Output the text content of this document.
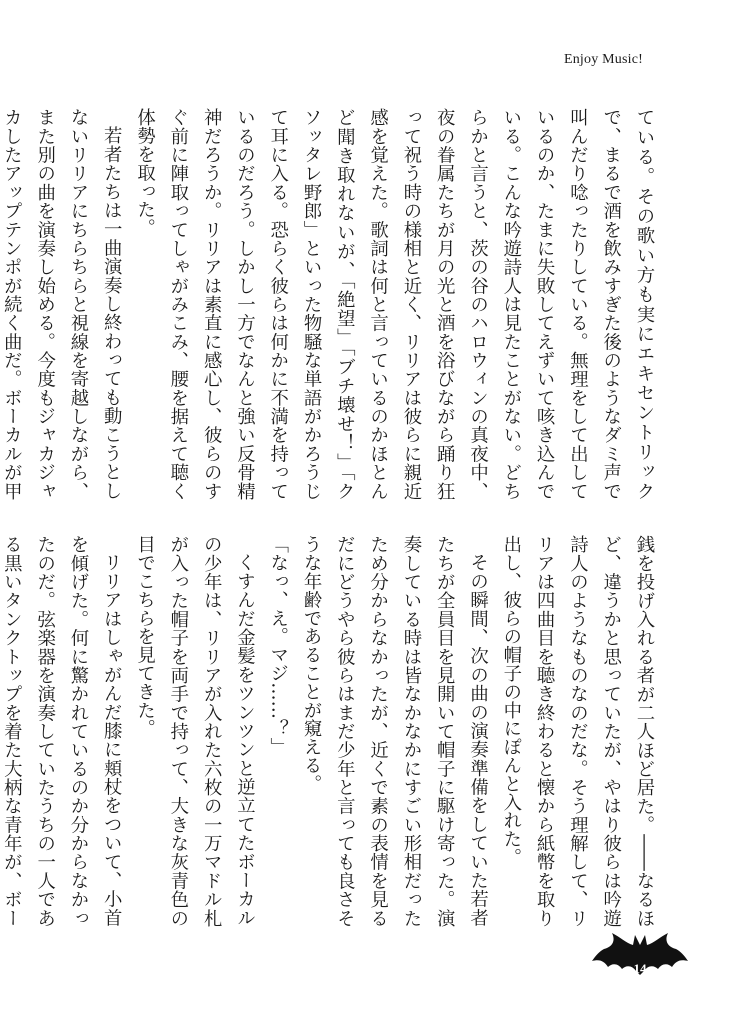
Enjoy Music!

ている。その歌い方も実にエキセントリックで、まるで酒を飲みすぎた後のようなダミ声で叫んだり唸ったりしている。無理をして出しているのか、たまに失敗してえずいて咳き込んでいる。こんな吟遊詩人は見たことがない。どちらかと言うと、茨の谷のハロウィンの真夜中、夜の眷属たちが月の光と酒を浴びながら踊り狂って祝う時の様相と近く、リリアは彼らに親近感を覚えた。歌詞は何と言っているのかほとんど聞き取れないが、「絶望」「ブチ壊せ！」「クソッタレ野郎」といった物騒な単語がかろうじて耳に入る。恐らく彼らは何かに不満を持っているのだろう。しかし一方でなんと強い反骨精神だろうか。リリアは素直に感心し、彼らのすぐ前に陣取ってしゃがみこみ、腰を据えて聴く体勢を取った。

若者たちは一曲演奏し終わっても動こうとしないリリアにちらちらと視線を寄越しながら、また別の曲を演奏し始める。今度もジャカジャカしたアップテンポが続く曲だ。ボーカルが甲

銭を投げ入れる者が二人ほど居た。――なるほど、違うかと思っていたが、やはり彼らは吟遊詩人のようなものなのだな。そう理解して、リリアは四曲目を聴き終わると懐から紙幣を取り出し、彼らの帽子の中にぽんと入れた。

その瞬間、次の曲の演奏準備をしていた若者たちが全員目を見開いて帽子に駆け寄った。演奏している時は皆なかなかにすごい形相だったため分からなかったが、近くで素の表情を見るだにどうやら彼らはまだ少年と言っても良さそうな年齢であることが窺える。

「なっ、え。マジ……？」

くすんだ金髪をツンツンと逆立てたボーカルの少年は、リリアが入れた六枚の一万マドル札が入った帽子を両手で持って、大きな灰青色の目でこちらを見てきた。

リリアはしゃがんだ膝に頬杖をついて、小首を傾げた。何に驚かれているのか分からなかったのだ。弦楽器を演奏していたうちの一人である黒いタンクトップを着た大柄な青年が、ボー

14
